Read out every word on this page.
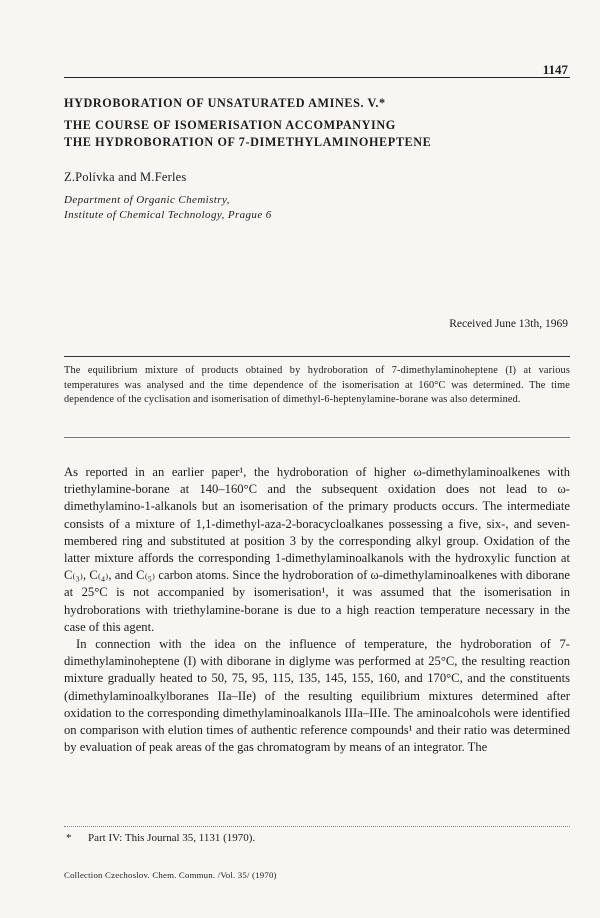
1147

HYDROBORATION OF UNSATURATED AMINES. V.*

THE COURSE OF ISOMERISATION ACCOMPANYING

THE HYDROBORATION OF 7-DIMETHYLAMINOHEPTENE

Z.Polívka and M.Ferles
Department of Organic Chemistry,
Institute of Chemical Technology, Prague 6
Received June 13th, 1969
The equilibrium mixture of products obtained by hydroboration of 7-dimethylaminoheptene (I) at various temperatures was analysed and the time dependence of the isomerisation at 160°C was determined. The time dependence of the cyclisation and isomerisation of dimethyl-6-heptenylamine-borane was also determined.

As reported in an earlier paper¹, the hydroboration of higher ω-dimethylaminoalkenes with triethylamine-borane at 140–160°C and the subsequent oxidation does not lead to ω-dimethylamino-1-alkanols but an isomerisation of the primary products occurs. The intermediate consists of a mixture of 1,1-dimethyl-aza-2-boracycloalkanes possessing a five, six-, and seven-membered ring and substituted at position 3 by the corresponding alkyl group. Oxidation of the latter mixture affords the corresponding 1-dimethylaminoalkanols with the hydroxylic function at C₍₃₎, C₍₄₎, and C₍₅₎ carbon atoms. Since the hydroboration of ω-dimethylaminoalkenes with diborane at 25°C is not accompanied by isomerisation¹, it was assumed that the isomerisation in hydroborations with triethylamine-borane is due to a high reaction temperature necessary in the case of this agent.

In connection with the idea on the influence of temperature, the hydroboration of 7-dimethylaminoheptene (I) with diborane in diglyme was performed at 25°C, the resulting reaction mixture gradually heated to 50, 75, 95, 115, 135, 145, 155, 160, and 170°C, and the constituents (dimethylaminoalkylboranes IIa–IIe) of the resulting equilibrium mixtures determined after oxidation to the corresponding dimethylaminoalkanols IIIa–IIIe. The aminoalcohols were identified on comparison with elution times of authentic reference compounds¹ and their ratio was determined by evaluation of peak areas of the gas chromatogram by means of an integrator. The

* Part IV: This Journal 35, 1131 (1970).
Collection Czechoslov. Chem. Commun. /Vol. 35/ (1970)
